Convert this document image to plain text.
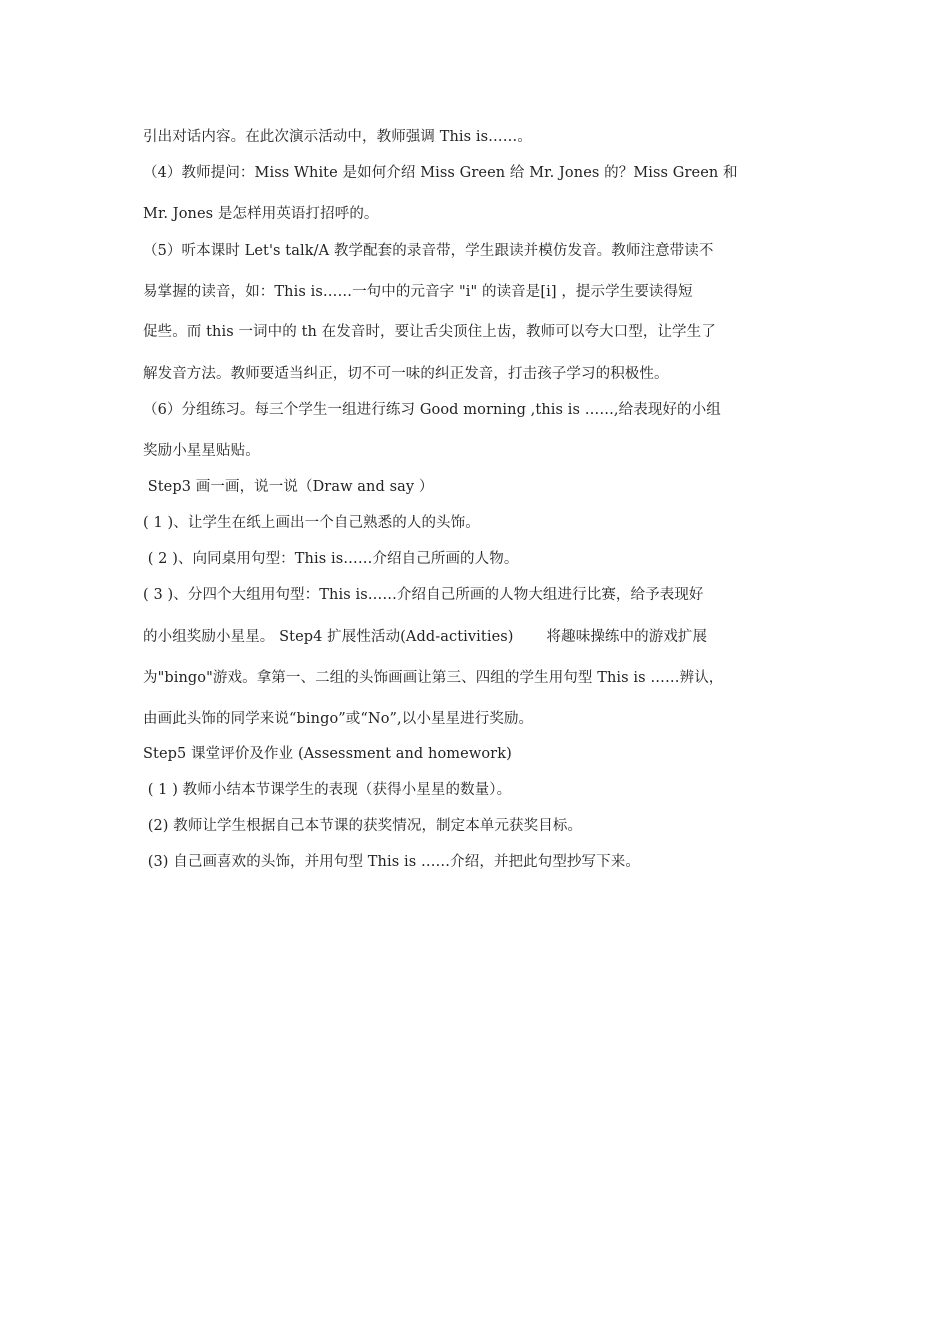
引出对话内容。在此次演示活动中，教师强调 This is……。
（4）教师提问：Miss White 是如何介绍 Miss Green 给 Mr. Jones 的？Miss Green 和
Mr. Jones 是怎样用英语打招呼的。
（5）听本课时 Let's talk/A 教学配套的录音带，学生跟读并模仿发音。教师注意带读不
易掌握的读音，如：This is……一句中的元音字 "i" 的读音是[i] ，提示学生要读得短
促些。而 this 一词中的 th 在发音时，要让舌尖顶住上齿，教师可以夸大口型，让学生了
解发音方法。教师要适当纠正，切不可一味的纠正发音，打击孩子学习的积极性。
（6）分组练习。每三个学生一组进行练习 Good morning ,this is ……,给表现好的小组
奖励小星星贴贴。
Step3 画一画，说一说（Draw and say ）
( 1 )、让学生在纸上画出一个自己熟悉的人的头饰。
( 2 )、向同桌用句型：This is……介绍自己所画的人物。
( 3 )、分四个大组用句型：This is……介绍自己所画的人物大组进行比赛，给予表现好
的小组奖励小星星。 Step4 扩展性活动(Add-activities)       将趣味操练中的游戏扩展
为"bingo"游戏。拿第一、二组的头饰画画让第三、四组的学生用句型 This is ……辨认，
由画此头饰的同学来说“bingo”或“No”,以小星星进行奖励。
Step5 课堂评价及作业 (Assessment and homework)
( 1 ) 教师小结本节课学生的表现（获得小星星的数量）。
(2) 教师让学生根据自己本节课的获奖情况，制定本单元获奖目标。
(3) 自己画喜欢的头饰，并用句型 This is ……介绍，并把此句型抄写下来。
